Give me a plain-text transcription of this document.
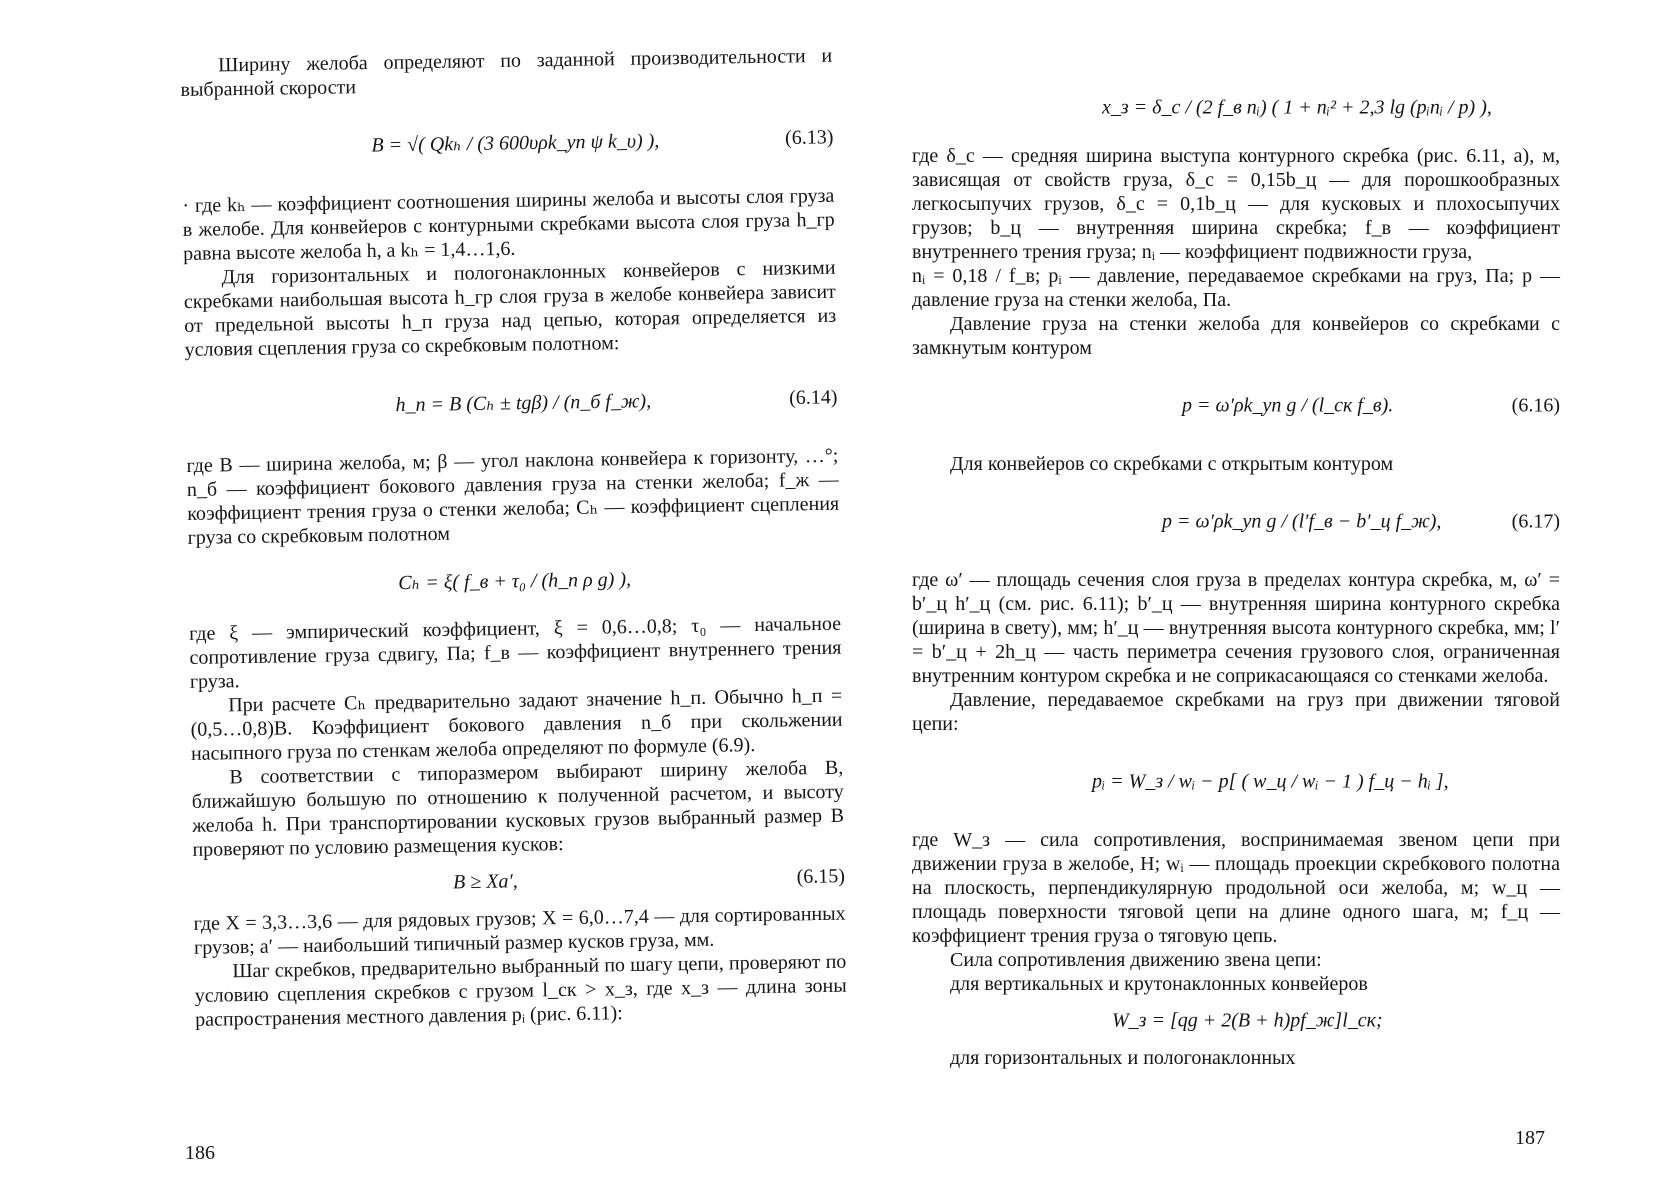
Ширину желоба определяют по заданной производительности и выбранной скорости

B = √( Qkₕ / (3 600υρk_уп ψ k_υ) ),	(6.13)

· где kₕ — коэффициент соотношения ширины желоба и высоты слоя груза в желобе. Для конвейеров с контурными скребками высота слоя груза h_гр равна высоте желоба h, а kₕ = 1,4…1,6.

Для горизонтальных и пологонаклонных конвейеров с низкими скребками наибольшая высота h_гр слоя груза в желобе конвейера зависит от предельной высоты h_п груза над цепью, которая определяется из условия сцепления груза со скребковым полотном:

h_п = B (Cₕ ± tgβ) / (n_б f_ж),	(6.14)

где B — ширина желоба, м; β — угол наклона конвейера к горизонту, …°; n_б — коэффициент бокового давления груза на стенки желоба; f_ж — коэффициент трения груза о стенки желоба; Cₕ — коэффициент сцепления груза со скребковым полотном

Cₕ = ξ( f_в + τ₀ / (h_п ρ g) ),

где ξ — эмпирический коэффициент, ξ = 0,6…0,8; τ₀ — начальное сопротивление груза сдвигу, Па; f_в — коэффициент внутреннего трения груза.

При расчете Cₕ предварительно задают значение h_п. Обычно h_п = (0,5…0,8)B. Коэффициент бокового давления n_б при скольжении насыпного груза по стенкам желоба определяют по формуле (6.9).

В соответствии с типоразмером выбирают ширину желоба B, ближайшую большую по отношению к полученной расчетом, и высоту желоба h. При транспортировании кусковых грузов выбранный размер B проверяют по условию размещения кусков:

B ≥ Xa′,	(6.15)

где X = 3,3…3,6 — для рядовых грузов; X = 6,0…7,4 — для сортированных грузов; a′ — наибольший типичный размер кусков груза, мм.

Шаг скребков, предварительно выбранный по шагу цепи, проверяют по условию сцепления скребков с грузом l_ск > x_з, где x_з — длина зоны распространения местного давления pᵢ (рис. 6.11):

186
x_з = δ_с / (2 f_в nᵢ) ( 1 + nᵢ² + 2,3 lg (pᵢnᵢ / p) ),

где δ_с — средняя ширина выступа контурного скребка (рис. 6.11, а), м, зависящая от свойств груза, δ_с = 0,15b_ц — для порошкообразных легкосыпучих грузов, δ_с = 0,1b_ц — для кусковых и плохосыпучих грузов; b_ц — внутренняя ширина скребка; f_в — коэффициент внутреннего трения груза; nᵢ — коэффициент подвижности груза,

nᵢ = 0,18 / f_в; pᵢ — давление, передаваемое скребками на груз, Па; p — давление груза на стенки желоба, Па.

Давление груза на стенки желоба для конвейеров со скребками с замкнутым контуром

p = ω′ρk_уп g / (l_ск f_в).	(6.16)

Для конвейеров со скребками с открытым контуром

p = ω′ρk_уп g / (l′f_в − b′_ц f_ж),	(6.17)

где ω′ — площадь сечения слоя груза в пределах контура скребка, м, ω′ = b′_ц h′_ц (см. рис. 6.11); b′_ц — внутренняя ширина контурного скребка (ширина в свету), мм; h′_ц — внутренняя высота контурного скребка, мм; l′ = b′_ц + 2h_ц — часть периметра сечения грузового слоя, ограниченная внутренним контуром скребка и не соприкасающаяся со стенками желоба.

Давление, передаваемое скребками на груз при движении тяговой цепи:

pᵢ = W_з / wᵢ − p[ ( w_ц / wᵢ − 1 ) f_ц − hᵢ ],

где W_з — сила сопротивления, воспринимаемая звеном цепи при движении груза в желобе, Н; wᵢ — площадь проекции скребкового полотна на плоскость, перпендикулярную продольной оси желоба, м; w_ц — площадь поверхности тяговой цепи на длине одного шага, м; f_ц — коэффициент трения груза о тяговую цепь.

Сила сопротивления движению звена цепи:

для вертикальных и крутонаклонных конвейеров

W_з = [qg + 2(B + h)pf_ж]l_ск;

для горизонтальных и пологонаклонных

187
